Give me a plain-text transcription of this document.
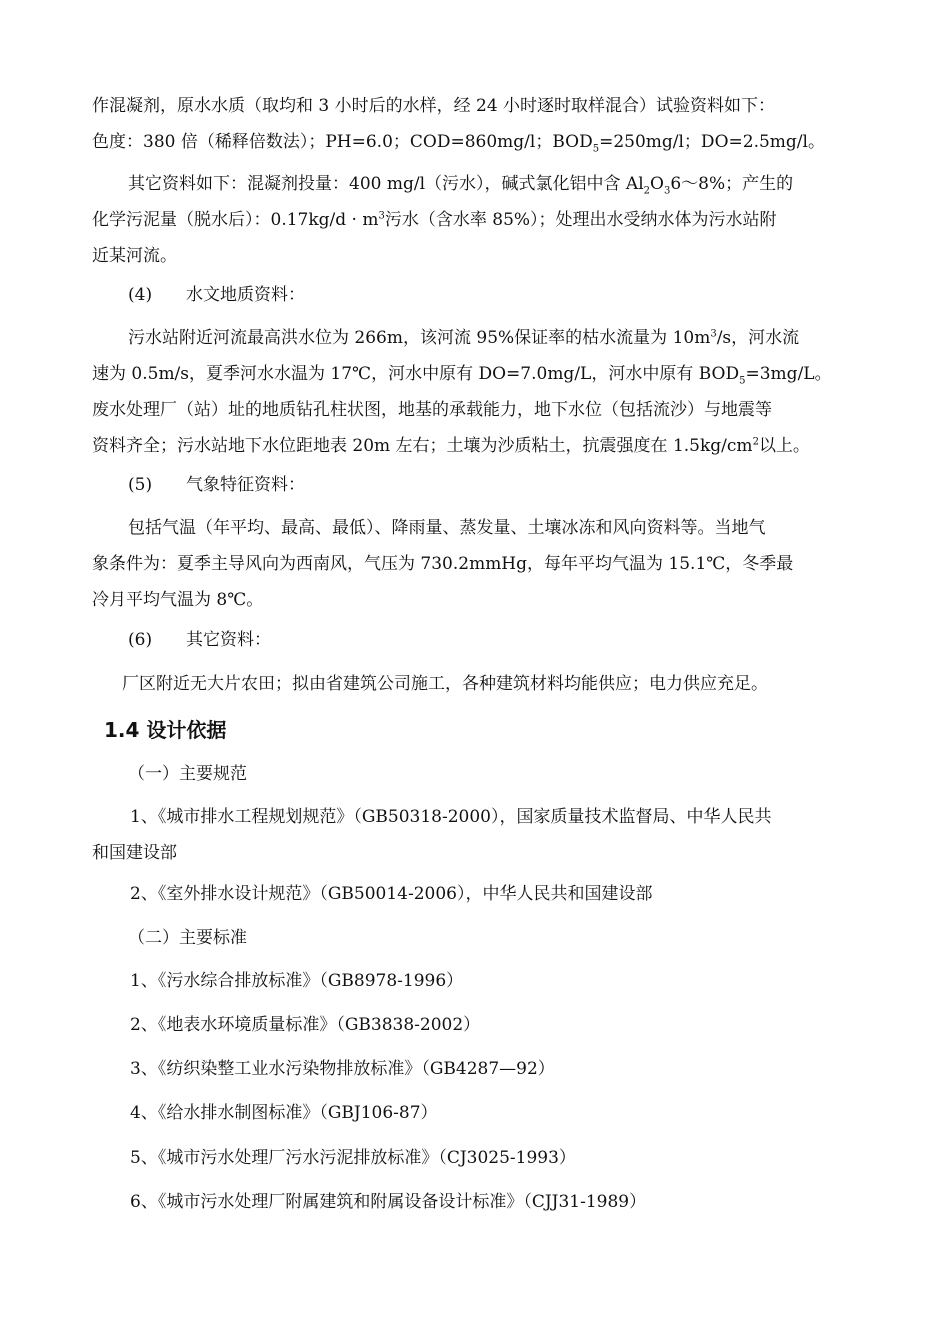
作混凝剂，原水水质（取均和 3 小时后的水样，经 24 小时逐时取样混合）试验资料如下：
色度：380 倍（稀释倍数法）；PH=6.0；COD=860mg/l；$BOD_5=250mg/l$；DO=2.5mg/l。
其它资料如下：混凝剂投量：400 mg/l（污水），碱式氯化铝中含 $Al_2O_36\sim 8\%$；产生的
化学污泥量（脱水后）：$0.17kg/d \cdot m^3$污水（含水率 85%）；处理出水受纳水体为污水站附
近某河流。
(4) 水文地质资料：
污水站附近河流最高洪水位为 266m，该河流 95%保证率的枯水流量为 $10m^3/s$，河水流
速为 0.5m/s，夏季河水水温为 17℃，河水中原有 DO=7.0mg/L，河水中原有 $BOD_5=3mg/L$。
废水处理厂（站）址的地质钻孔柱状图，地基的承载能力，地下水位（包括流沙）与地震等
资料齐全；污水站地下水位距地表 20m 左右；土壤为沙质粘土，抗震强度在 $1.5kg/cm^2$以上。
(5) 气象特征资料：
包括气温（年平均、最高、最低）、降雨量、蒸发量、土壤冰冻和风向资料等。当地气
象条件为：夏季主导风向为西南风，气压为 730.2mmHg，每年平均气温为 15.1℃，冬季最
冷月平均气温为 8℃。
(6) 其它资料：
厂区附近无大片农田；拟由省建筑公司施工，各种建筑材料均能供应；电力供应充足。
1.4 设计依据
（一）主要规范
1、《城市排水工程规划规范》（GB50318-2000），国家质量技术监督局、中华人民共
和国建设部
2、《室外排水设计规范》（GB50014-2006），中华人民共和国建设部
（二）主要标准
1、《污水综合排放标准》（GB8978-1996）
2、《地表水环境质量标准》（GB3838-2002）
3、《纺织染整工业水污染物排放标准》（GB4287—92）
4、《给水排水制图标准》（GBJ106-87）
5、《城市污水处理厂污水污泥排放标准》（CJ3025-1993）
6、《城市污水处理厂附属建筑和附属设备设计标准》（CJJ31-1989）
